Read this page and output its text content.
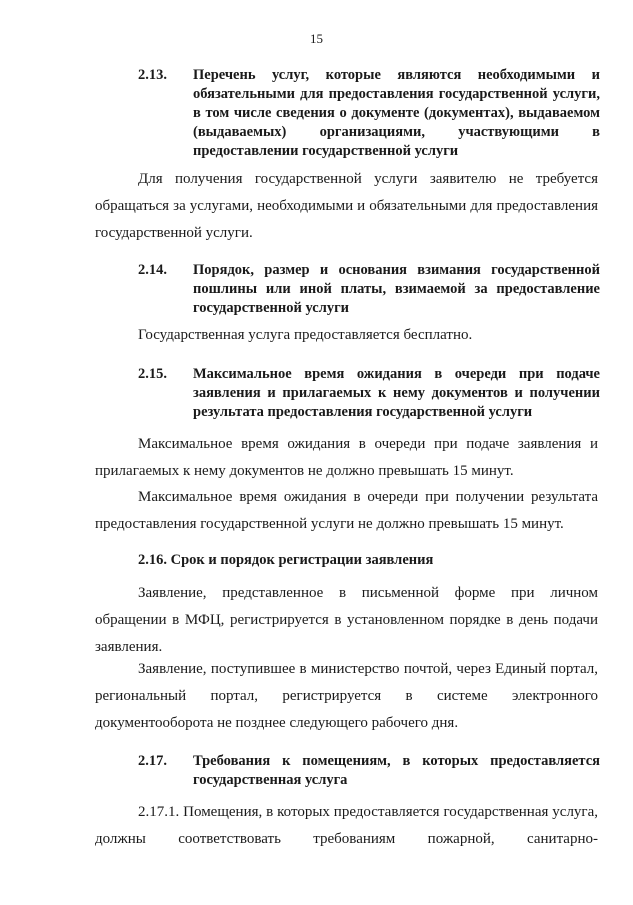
15
2.13. Перечень услуг, которые являются необходимыми и обязательными для предоставления государственной услуги, в том числе сведения о документе (документах), выдаваемом (выдаваемых) организациями, участвующими в предоставлении государственной услуги
Для получения государственной услуги заявителю не требуется обращаться за услугами, необходимыми и обязательными для предоставления государственной услуги.
2.14. Порядок, размер и основания взимания государственной пошлины или иной платы, взимаемой за предоставление государственной услуги
Государственная услуга предоставляется бесплатно.
2.15. Максимальное время ожидания в очереди при подаче заявления и прилагаемых к нему документов и получении результата предоставления государственной услуги
Максимальное время ожидания в очереди при подаче заявления и прилагаемых к нему документов не должно превышать 15 минут.
Максимальное время ожидания в очереди при получении результата предоставления государственной услуги не должно превышать 15 минут.
2.16. Срок и порядок регистрации заявления
Заявление, представленное в письменной форме при личном обращении в МФЦ, регистрируется в установленном порядке в день подачи заявления.
Заявление, поступившее в министерство почтой, через Единый портал, региональный портал, регистрируется в системе электронного документооборота не позднее следующего рабочего дня.
2.17. Требования к помещениям, в которых предоставляется государственная услуга
2.17.1. Помещения, в которых предоставляется государственная услуга, должны соответствовать требованиям пожарной, санитарно-
